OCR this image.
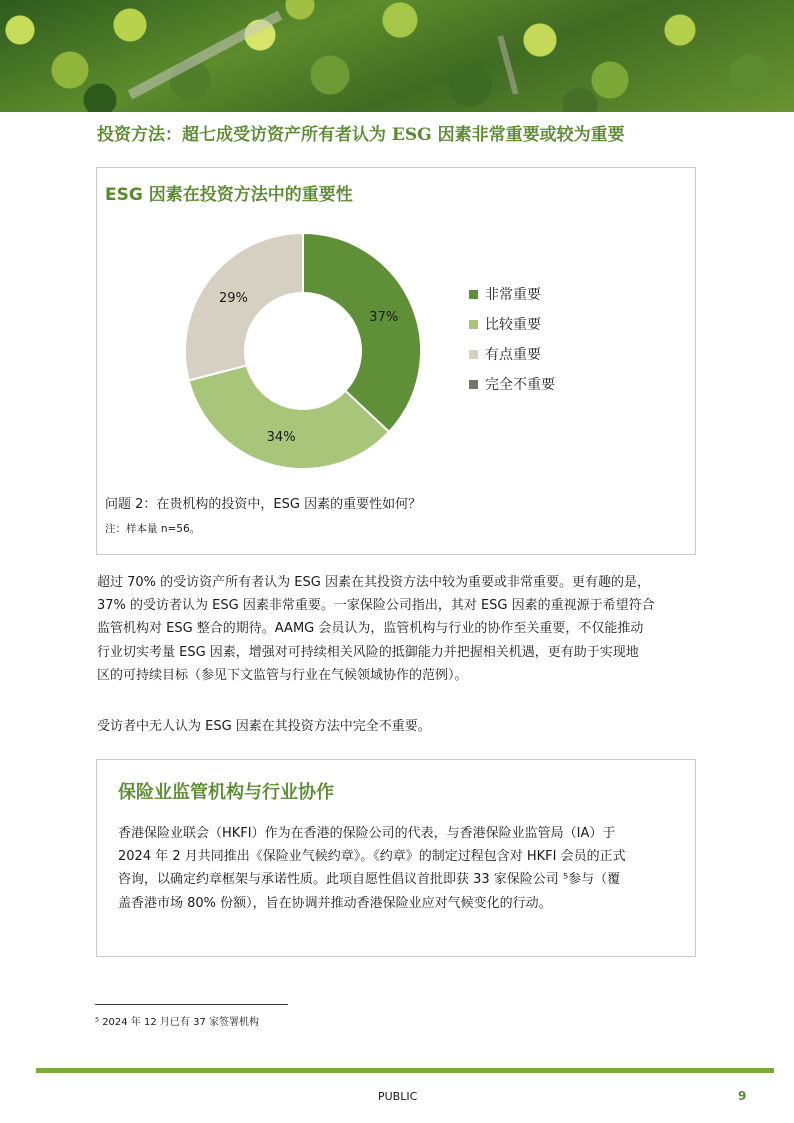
投资方法：超七成受访资产所有者认为 ESG 因素非常重要或较为重要
ESG 因素在投资方法中的重要性
37%
34%
29%	非常重要
比较重要
有点重要
完全不重要

问题 2：在贵机构的投资中，ESG 因素的重要性如何？

注：样本量 n=56。

超过 70% 的受访资产所有者认为 ESG 因素在其投资方法中较为重要或非常重要。更有趣的是，
37% 的受访者认为 ESG 因素非常重要。一家保险公司指出，其对 ESG 因素的重视源于希望符合
监管机构对 ESG 整合的期待。AAMG 会员认为，监管机构与行业的协作至关重要，不仅能推动
行业切实考量 ESG 因素，增强对可持续相关风险的抵御能力并把握相关机遇，更有助于实现地
区的可持续目标（参见下文监管与行业在气候领域协作的范例）。

受访者中无人认为 ESG 因素在其投资方法中完全不重要。

保险业监管机构与行业协作

香港保险业联会（HKFI）作为在香港的保险公司的代表，与香港保险业监管局（IA）于
2024 年 2 月共同推出《保险业气候约章》。《约章》的制定过程包含对 HKFI 会员的正式
咨询，以确定约章框架与承诺性质。此项自愿性倡议首批即获 33 家保险公司 ⁵参与（覆
盖香港市场 80% 份额），旨在协调并推动香港保险业应对气候变化的行动。

⁵ 2024 年 12 月已有 37 家签署机构

PUBLIC	9
